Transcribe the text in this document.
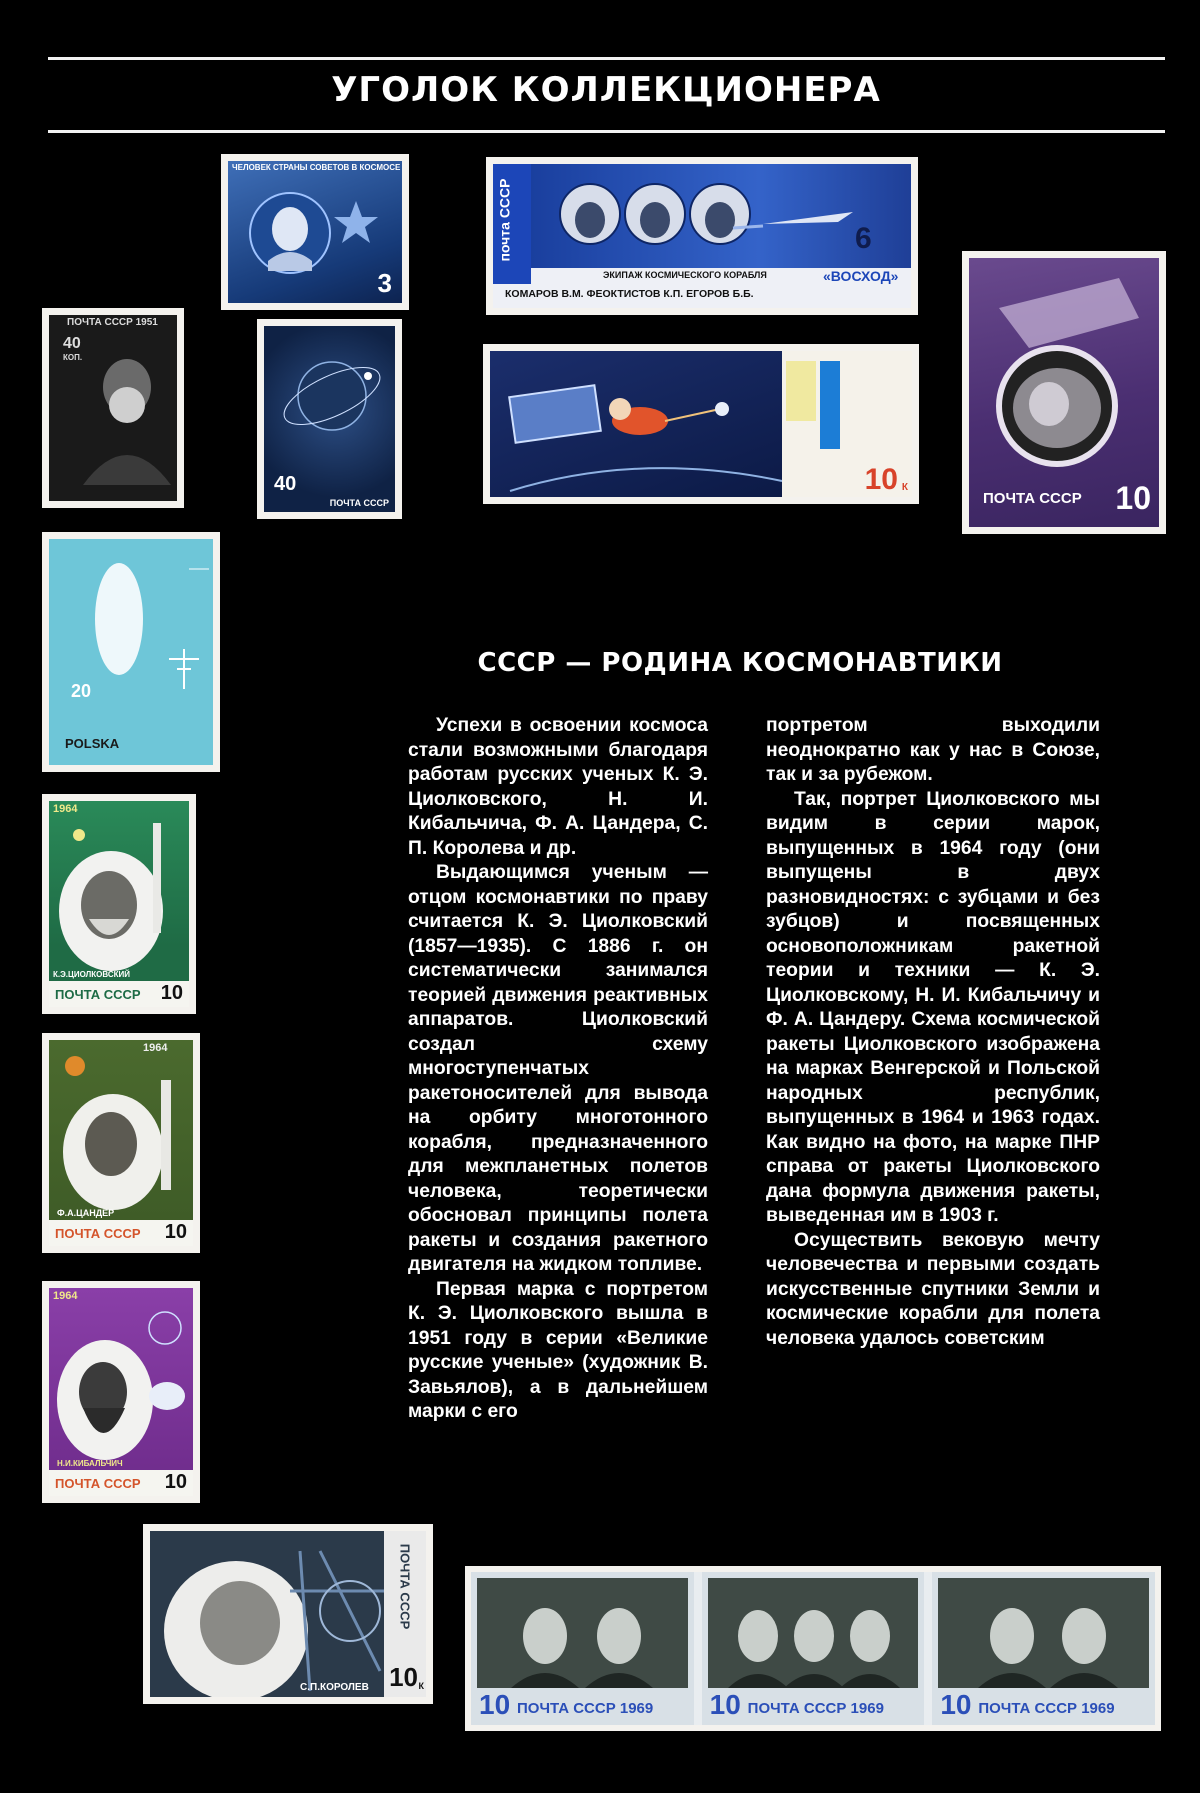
УГОЛОК КОЛЛЕКЦИОНЕРА
ЧЕЛОВЕК СТРАНЫ СОВЕТОВ В КОСМОСЕ
3
почта СССР	6
ЭКИПАЖ КОСМИЧЕСКОГО КОРАБЛЯ	«ВОСХОД»
КОМАРОВ В.М. ФЕОКТИСТОВ К.П. ЕГОРОВ Б.Б.
ПОЧТА СССР 10
ПОЧТА СССР 1951
40
КОП.
40
ПОЧТА СССР
10 К
20
POLSKA
1964
К.Э.ЦИОЛКОВСКИЙ
ПОЧТА СССР 10
1964
Ф.А.ЦАНДЕР
ПОЧТА СССР 10
1964
Н.И.КИБАЛЬЧИЧ
ПОЧТА СССР 10
ПОЧТА СССР
С.П.КОРОЛЕВ 10 К
10 ПОЧТА СССР 1969 10 ПОЧТА СССР 1969 10 ПОЧТА СССР 1969
СССР — РОДИНА КОСМОНАВТИКИ

Успехи в освоении космоса стали возможными благодаря работам русских ученых К. Э. Циолковского, Н. И. Кибальчича, Ф. А. Цандера, С. П. Королева и др.

Выдающимся ученым — отцом космонавтики по праву считается К. Э. Циолковский (1857—1935). С 1886 г. он систематически занимался теорией движения реактивных аппаратов. Циолковский создал схему многоступенчатых ракетоносителей для вывода на орбиту многотонного корабля, предназначенного для межпланетных полетов человека, теоретически обосновал принципы полета ракеты и создания ракетного двигателя на жидком топливе.

Первая марка с портретом К. Э. Циолковского вышла в 1951 году в серии «Великие русские ученые» (художник В. Завьялов), а в дальнейшем марки с его

портретом выходили неоднократно как у нас в Союзе, так и за рубежом.

Так, портрет Циолковского мы видим в серии марок, выпущенных в 1964 году (они выпущены в двух разновидностях: с зубцами и без зубцов) и посвященных основоположникам ракетной теории и техники — К. Э. Циолковскому, Н. И. Кибальчичу и Ф. А. Цандеру. Схема космической ракеты Циолковского изображена на марках Венгерской и Польской народных республик, выпущенных в 1964 и 1963 годах. Как видно на фото, на марке ПНР справа от ракеты Циолковского дана формула движения ракеты, выведенная им в 1903 г.

Осуществить вековую мечту человечества и первыми создать искусственные спутники Земли и космические корабли для полета человека удалось советским
